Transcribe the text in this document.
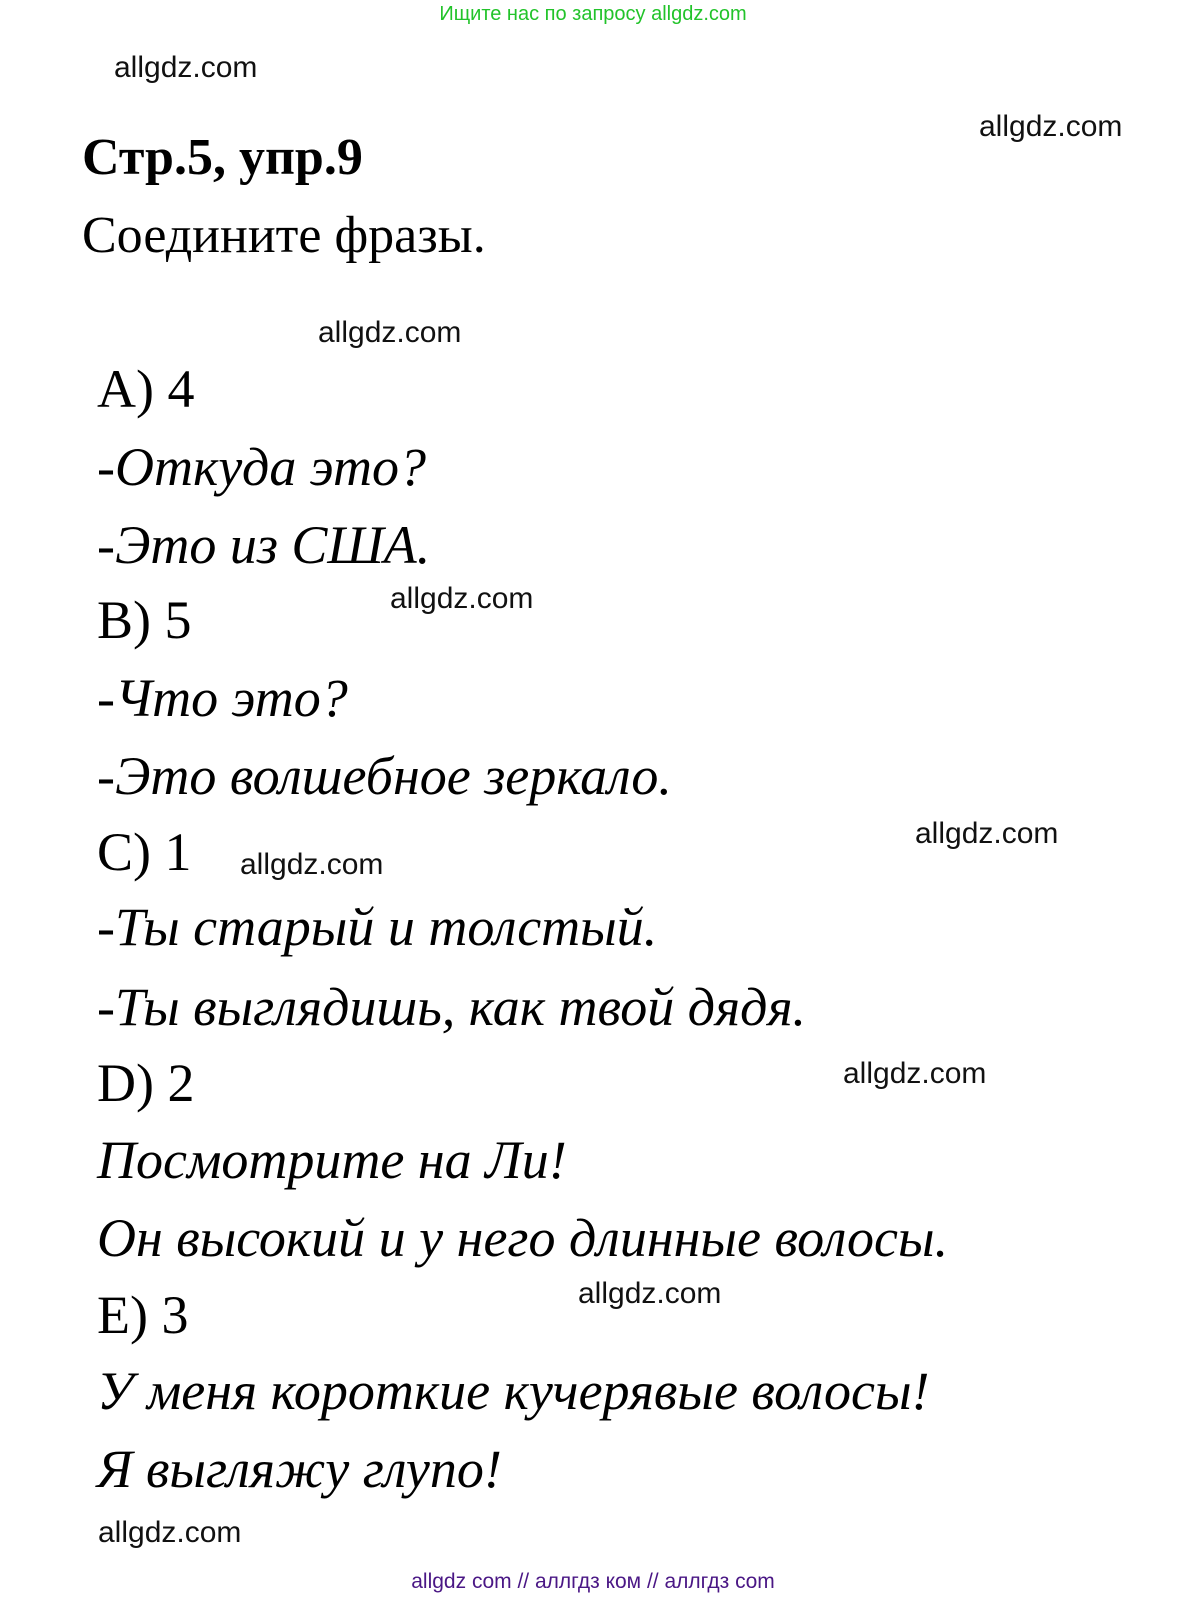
Ищите нас по запросу allgdz.com
allgdz.com
allgdz.com
allgdz.com
allgdz.com
allgdz.com
allgdz.com
allgdz.com
allgdz.com
allgdz.com
Стр.5, упр.9
Соедините фразы.
A) 4
-Откуда это?
-Это из США.
B) 5
-Что это?
-Это волшебное зеркало.
C) 1
-Ты старый и толстый.
-Ты выглядишь, как твой дядя.
D) 2
Посмотрите на Ли!
Он высокий и у него длинные волосы.
E) 3
У меня короткие кучерявые волосы!
Я выгляжу глупо!
allgdz com // аллгдз ком // аллгдз com
